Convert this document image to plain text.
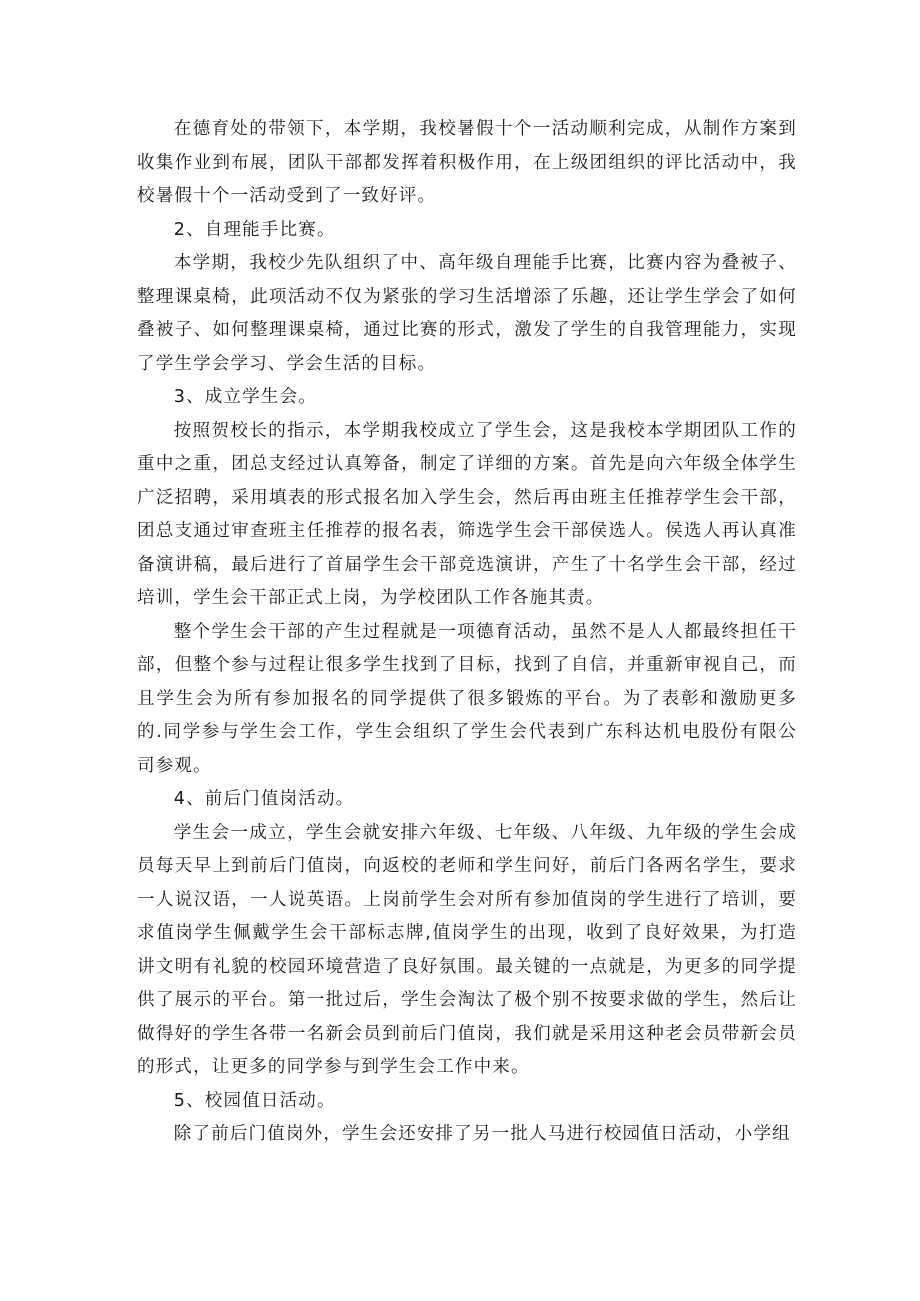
在德育处的带领下，本学期，我校暑假十个一活动顺利完成，从制作方案到收集作业到布展，团队干部都发挥着积极作用，在上级团组织的评比活动中，我校暑假十个一活动受到了一致好评。

2、自理能手比赛。

本学期，我校少先队组织了中、高年级自理能手比赛，比赛内容为叠被子、整理课桌椅，此项活动不仅为紧张的学习生活增添了乐趣，还让学生学会了如何叠被子、如何整理课桌椅，通过比赛的形式，激发了学生的自我管理能力，实现了学生学会学习、学会生活的目标。

3、成立学生会。

按照贺校长的指示，本学期我校成立了学生会，这是我校本学期团队工作的重中之重，团总支经过认真筹备，制定了详细的方案。首先是向六年级全体学生广泛招聘，采用填表的形式报名加入学生会，然后再由班主任推荐学生会干部，团总支通过审查班主任推荐的报名表，筛选学生会干部侯选人。侯选人再认真准备演讲稿，最后进行了首届学生会干部竞选演讲，产生了十名学生会干部，经过培训，学生会干部正式上岗，为学校团队工作各施其责。

整个学生会干部的产生过程就是一项德育活动，虽然不是人人都最终担任干部，但整个参与过程让很多学生找到了目标，找到了自信，并重新审视自己，而且学生会为所有参加报名的同学提供了很多锻炼的平台。为了表彰和激励更多的.同学参与学生会工作，学生会组织了学生会代表到广东科达机电股份有限公司参观。

4、前后门值岗活动。

学生会一成立，学生会就安排六年级、七年级、八年级、九年级的学生会成员每天早上到前后门值岗，向返校的老师和学生问好，前后门各两名学生，要求一人说汉语，一人说英语。上岗前学生会对所有参加值岗的学生进行了培训，要求值岗学生佩戴学生会干部标志牌,值岗学生的出现，收到了良好效果，为打造讲文明有礼貌的校园环境营造了良好氛围。最关键的一点就是，为更多的同学提供了展示的平台。第一批过后，学生会淘汰了极个别不按要求做的学生，然后让做得好的学生各带一名新会员到前后门值岗，我们就是采用这种老会员带新会员的形式，让更多的同学参与到学生会工作中来。

5、校园值日活动。

除了前后门值岗外，学生会还安排了另一批人马进行校园值日活动，小学组
